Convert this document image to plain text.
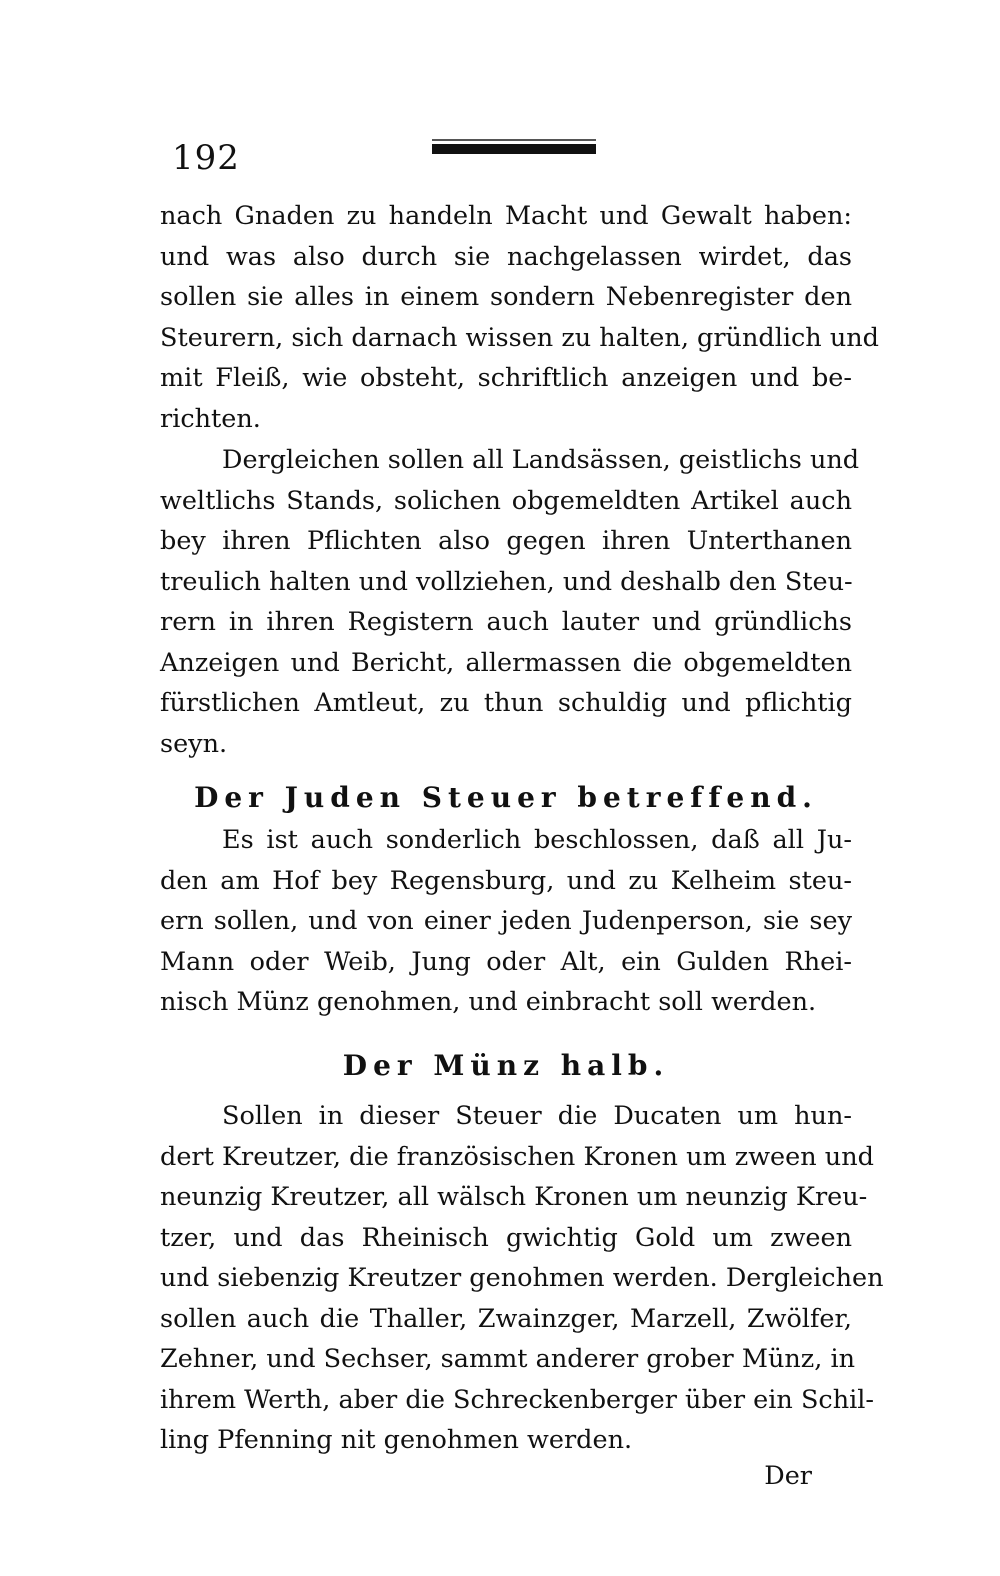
192
nach Gnaden zu handeln Macht und Gewalt haben:
und was also durch sie nachgelassen wirdet, das
sollen sie alles in einem sondern Nebenregister den
Steurern, sich darnach wissen zu halten, gründlich und
mit Fleiß, wie obsteht, schriftlich anzeigen und be-
richten.
Dergleichen sollen all Landsässen, geistlichs und
weltlichs Stands, solichen obgemeldten Artikel auch
bey ihren Pflichten also gegen ihren Unterthanen
treulich halten und vollziehen, und deshalb den Steu-
rern in ihren Registern auch lauter und gründlichs
Anzeigen und Bericht, allermassen die obgemeldten
fürstlichen Amtleut, zu thun schuldig und pflichtig
seyn.
Der Juden Steuer betreffend.
Es ist auch sonderlich beschlossen, daß all Ju-
den am Hof bey Regensburg, und zu Kelheim steu-
ern sollen, und von einer jeden Judenperson, sie sey
Mann oder Weib, Jung oder Alt, ein Gulden Rhei-
nisch Münz genohmen, und einbracht soll werden.
Der Münz halb.
Sollen in dieser Steuer die Ducaten um hun-
dert Kreutzer, die französischen Kronen um zween und
neunzig Kreutzer, all wälsch Kronen um neunzig Kreu-
tzer, und das Rheinisch gwichtig Gold um zween
und siebenzig Kreutzer genohmen werden. Dergleichen
sollen auch die Thaller, Zwainzger, Marzell, Zwölfer,
Zehner, und Sechser, sammt anderer grober Münz, in
ihrem Werth, aber die Schreckenberger über ein Schil-
ling Pfenning nit genohmen werden.
Der
